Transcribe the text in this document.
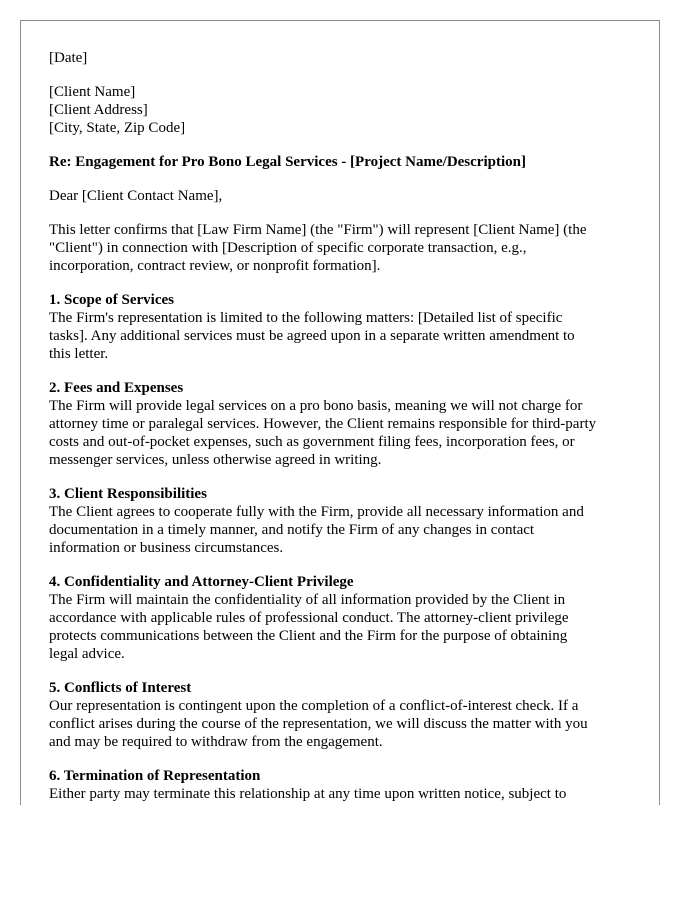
[Date]
[Client Name]
[Client Address]
[City, State, Zip Code]
Re: Engagement for Pro Bono Legal Services - [Project Name/Description]
Dear [Client Contact Name],
This letter confirms that [Law Firm Name] (the "Firm") will represent [Client Name] (the
"Client") in connection with [Description of specific corporate transaction, e.g.,
incorporation, contract review, or nonprofit formation].
1. Scope of Services
The Firm's representation is limited to the following matters: [Detailed list of specific
tasks]. Any additional services must be agreed upon in a separate written amendment to
this letter.
2. Fees and Expenses
The Firm will provide legal services on a pro bono basis, meaning we will not charge for
attorney time or paralegal services. However, the Client remains responsible for third-party
costs and out-of-pocket expenses, such as government filing fees, incorporation fees, or
messenger services, unless otherwise agreed in writing.
3. Client Responsibilities
The Client agrees to cooperate fully with the Firm, provide all necessary information and
documentation in a timely manner, and notify the Firm of any changes in contact
information or business circumstances.
4. Confidentiality and Attorney-Client Privilege
The Firm will maintain the confidentiality of all information provided by the Client in
accordance with applicable rules of professional conduct. The attorney-client privilege
protects communications between the Client and the Firm for the purpose of obtaining
legal advice.
5. Conflicts of Interest
Our representation is contingent upon the completion of a conflict-of-interest check. If a
conflict arises during the course of the representation, we will discuss the matter with you
and may be required to withdraw from the engagement.
6. Termination of Representation
Either party may terminate this relationship at any time upon written notice, subject to
